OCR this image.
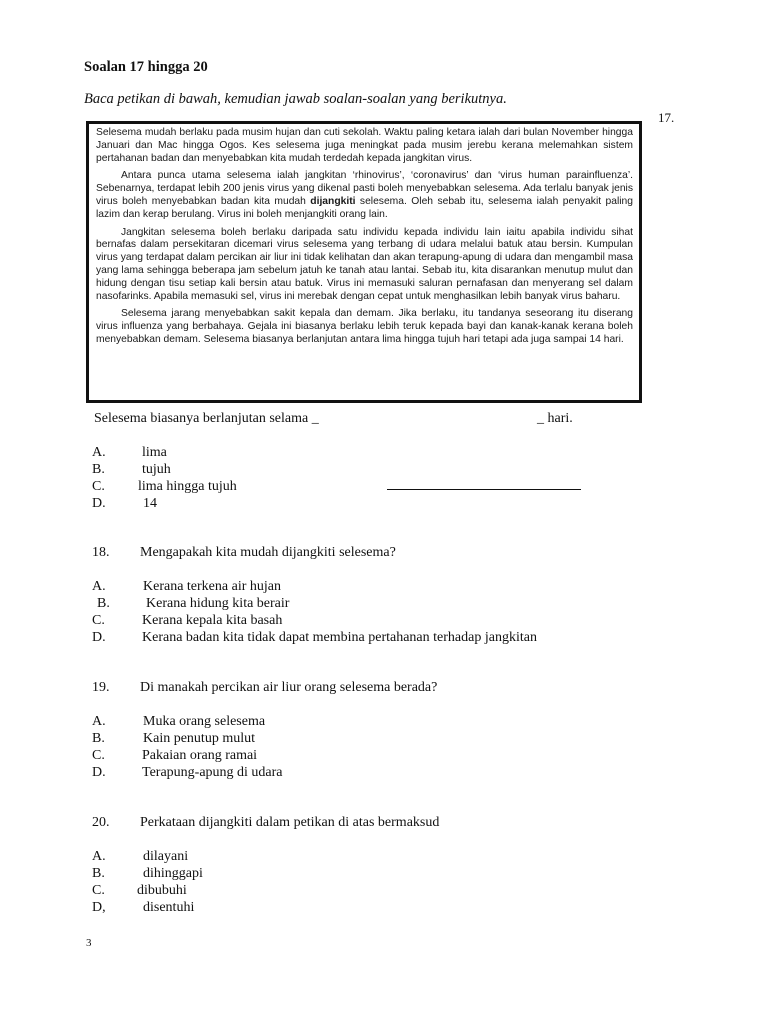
Soalan 17 hingga 20
Baca petikan di bawah, kemudian jawab soalan-soalan yang berikutnya.
17.

Selesema mudah berlaku pada musim hujan dan cuti sekolah. Waktu paling ketara ialah dari bulan November hingga Januari dan Mac hingga Ogos. Kes selesema juga meningkat pada musim jerebu kerana melemahkan sistem pertahanan badan dan menyebabkan kita mudah terdedah kepada jangkitan virus.

Antara punca utama selesema ialah jangkitan ‘rhinovirus’, ‘coronavirus’ dan ‘virus human parainfluenza’. Sebenarnya, terdapat lebih 200 jenis virus yang dikenal pasti boleh menyebabkan selesema. Ada terlalu banyak jenis virus boleh menyebabkan badan kita mudah dijangkiti selesema. Oleh sebab itu, selesema ialah penyakit paling lazim dan kerap berulang. Virus ini boleh menjangkiti orang lain.

Jangkitan selesema boleh berlaku daripada satu individu kepada individu lain iaitu apabila individu sihat bernafas dalam persekitaran dicemari virus selesema yang terbang di udara melalui batuk atau bersin. Kumpulan virus yang terdapat dalam percikan air liur ini tidak kelihatan dan akan terapung-apung di udara dan mengambil masa yang lama sehingga beberapa jam sebelum jatuh ke tanah atau lantai. Sebab itu, kita disarankan menutup mulut dan hidung dengan tisu setiap kali bersin atau batuk. Virus ini memasuki saluran pernafasan dan menyerang sel dalam nasofarinks. Apabila memasuki sel, virus ini merebak dengan cepat untuk menghasilkan lebih banyak virus baharu.

Selesema jarang menyebabkan sakit kepala dan demam. Jika berlaku, itu tandanya seseorang itu diserang virus influenza yang berbahaya. Gejala ini biasanya berlaku lebih teruk kepada bayi dan kanak-kanak kerana boleh menyebabkan demam. Selesema biasanya berlanjutan antara lima hingga tujuh hari tetapi ada juga sampai 14 hari.

Selesema biasanya berlanjutan selama _	_ hari.
A.	lima
B.	tujuh
C. lima hingga tujuh
D.	14
18. Mengapakah kita mudah dijangkiti selesema?
A.	Kerana terkena air hujan
B.	Kerana hidung kita berair
C.	Kerana kepala kita basah
D.	Kerana badan kita tidak dapat membina pertahanan terhadap jangkitan
19. Di manakah percikan air liur orang selesema berada?
A.	Muka orang selesema
B.	Kain penutup mulut
C.	Pakaian orang ramai
D.	Terapung-apung di udara
20. Perkataan dijangkiti dalam petikan di atas bermaksud
A.	dilayani
B.	dihinggapi
C. dibubuhi
D,	disentuhi
3
